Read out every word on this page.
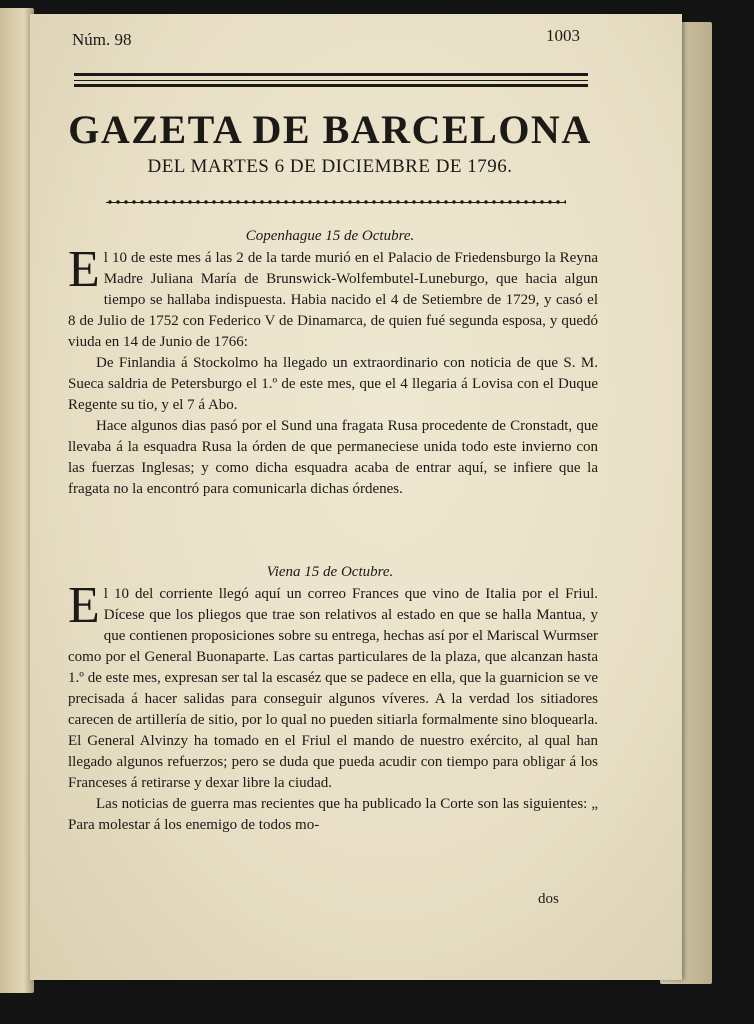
Núm. 98	1003
GAZETA DE BARCELONA
DEL MARTES 6 DE DICIEMBRE DE 1796.
Copenhague 15 de Octubre.

E l 10 de este mes á las 2 de la tarde murió en el Palacio de Friedensburgo la Reyna Madre Juliana María de Brunswick-Wolfembutel-Luneburgo, que hacia algun tiempo se hallaba indispuesta. Habia nacido el 4 de Setiembre de 1729, y casó el 8 de Julio de 1752 con Federico V de Dinamarca, de quien fué segunda esposa, y quedó viuda en 14 de Junio de 1766:

De Finlandia á Stockolmo ha llegado un extraordinario con noticia de que S. M. Sueca saldria de Petersburgo el 1.º de este mes, que el 4 llegaria á Lovisa con el Duque Regente su tio, y el 7 á Abo.

Hace algunos dias pasó por el Sund una fragata Rusa procedente de Cronstadt, que llevaba á la esquadra Rusa la órden de que permaneciese unida todo este invierno con las fuerzas Inglesas; y como dicha esquadra acaba de entrar aquí, se infiere que la fragata no la encontró para comunicarla dichas órdenes.

Viena 15 de Octubre.

E l 10 del corriente llegó aquí un correo Frances que vino de Italia por el Friul. Dícese que los pliegos que trae son relativos al estado en que se halla Mantua, y que contienen proposiciones sobre su entrega, hechas así por el Mariscal Wurmser como por el General Buonaparte. Las cartas particulares de la plaza, que alcanzan hasta 1.º de este mes, expresan ser tal la escaséz que se padece en ella, que la guarnicion se ve precisada á hacer salidas para conseguir algunos víveres. A la verdad los sitiadores carecen de artillería de sitio, por lo qual no pueden sitiarla formalmente sino bloquearla. El General Alvinzy ha tomado en el Friul el mando de nuestro exército, al qual han llegado algunos refuerzos; pero se duda que pueda acudir con tiempo para obligar á los Franceses á retirarse y dexar libre la ciudad.

Las noticias de guerra mas recientes que ha publicado la Corte son las siguientes: „ Para molestar á los enemigo de todos mo-

dos
